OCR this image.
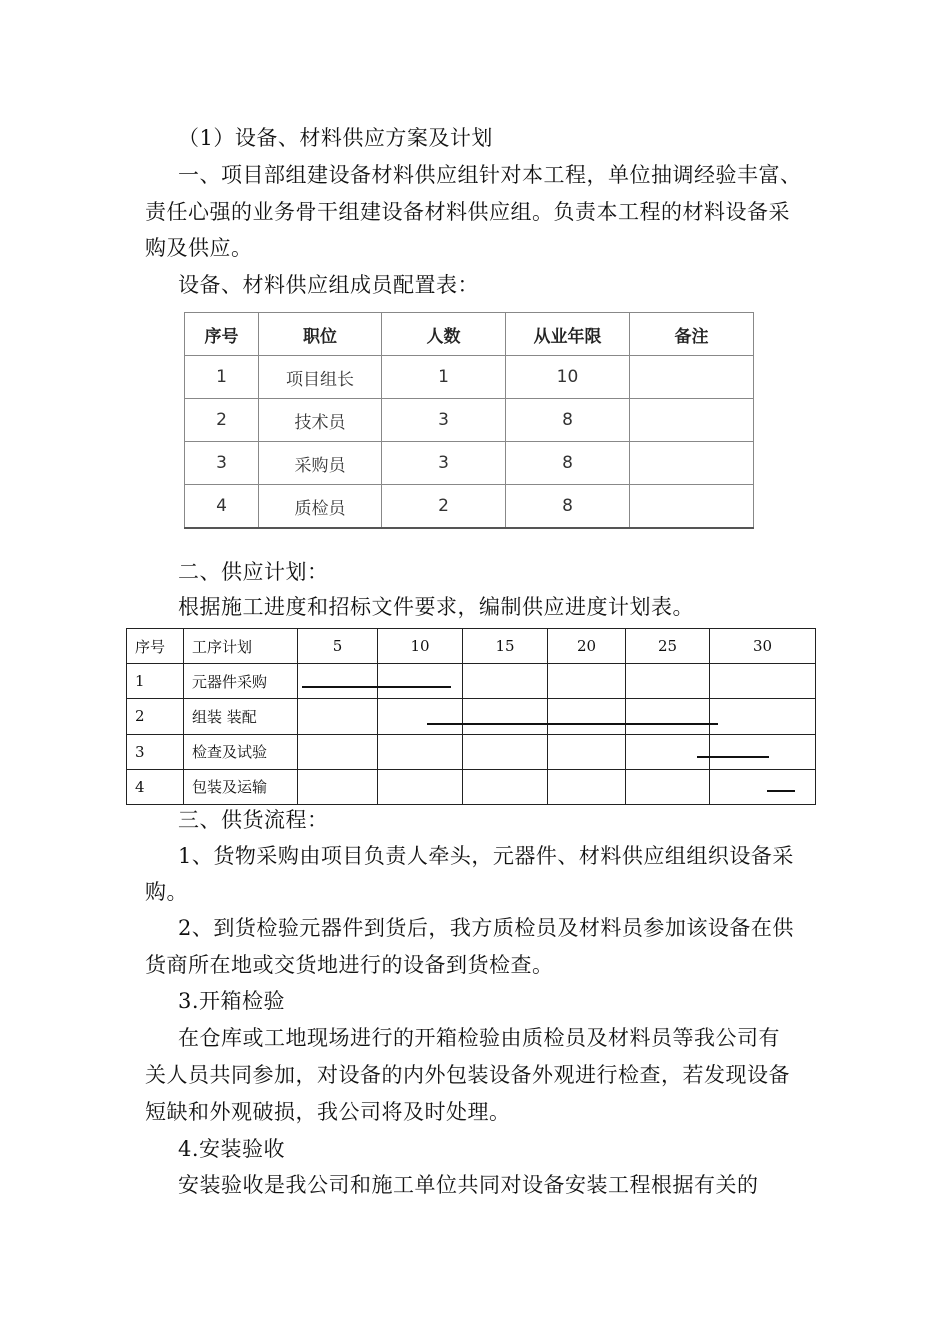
（1）设备、材料供应方案及计划
一、项目部组建设备材料供应组针对本工程，单位抽调经验丰富、
责任心强的业务骨干组建设备材料供应组。负责本工程的材料设备采
购及供应。
设备、材料供应组成员配置表：
序号	职位	人数	从业年限	备注
1	项目组长	1	10	
2	技术员	3	8	
3	采购员	3	8	
4	质检员	2	8	
二、供应计划：
根据施工进度和招标文件要求，编制供应进度计划表。
序号	工序计划	5	10	15	20	25	30
1	元器件采购						
2	组装 装配						
3	检查及试验						
4	包装及运输						
三、供货流程：
1、货物采购由项目负责人牵头，元器件、材料供应组组织设备采
购。
2、到货检验元器件到货后，我方质检员及材料员参加该设备在供
货商所在地或交货地进行的设备到货检查。
3.开箱检验
在仓库或工地现场进行的开箱检验由质检员及材料员等我公司有
关人员共同参加，对设备的内外包装设备外观进行检查，若发现设备
短缺和外观破损，我公司将及时处理。
4.安装验收
安装验收是我公司和施工单位共同对设备安装工程根据有关的
